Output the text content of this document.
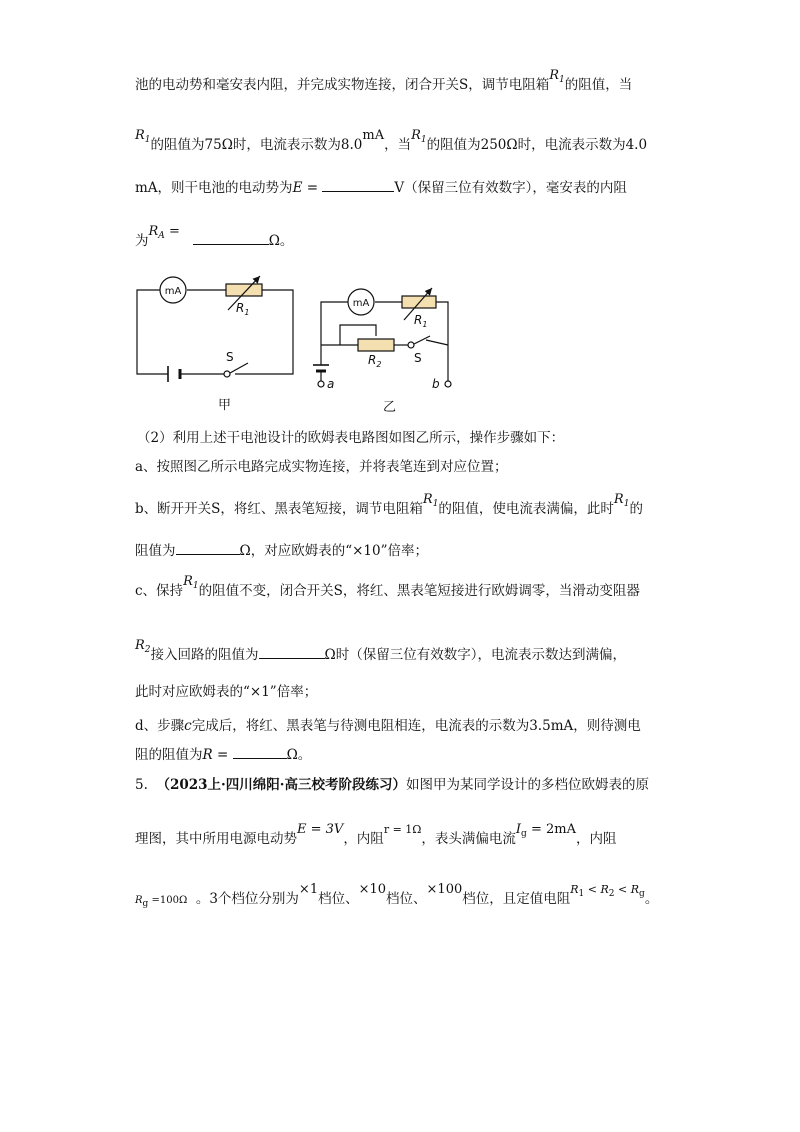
池的电动势和毫安表内阻，并完成实物连接，闭合开关S，调节电阻箱$R_1$的阻值，当
$R_1$的阻值为75Ω时，电流表示数为8.0mA，当$R_1$的阻值为250Ω时，电流表示数为4.0
mA，则干电池的电动势为E =	V（保留三位有效数字），毫安表的内阻
为$R_A = \Omega$。
mA
$R_1$
S
mA
$R_1$
$R_2$	S
a	b
甲	乙
（2）利用上述干电池设计的欧姆表电路图如图乙所示，操作步骤如下：
a、按照图乙所示电路完成实物连接，并将表笔连到对应位置；
b、断开开关S，将红、黑表笔短接，调节电阻箱$R_1$的阻值，使电流表满偏，此时$R_1$的
阻值为	Ω，对应欧姆表的“×10”倍率；
c、保持$R_1$的阻值不变，闭合开关S，将红、黑表笔短接进行欧姆调零，当滑动变阻器
$R_2$接入回路的阻值为	Ω时（保留三位有效数字），电流表示数达到满偏，
此时对应欧姆表的“×1”倍率；
d、步骤c完成后，将红、黑表笔与待测电阻相连，电流表的示数为3.5mA，则待测电
阻的阻值为R =	Ω。
5. （2023上·四川绵阳·高三校考阶段练习）如图甲为某同学设计的多档位欧姆表的原
理图，其中所用电源电动势E = 3V，内阻$^{r = 1\Omega}$，表头满偏电流$I_g = 2mA$，内阻
Rg =100Ω 。3个档位分别为×1档位、×10档位、×100档位，且定值电阻$^{R_1 < R_2 < R_g}$。
